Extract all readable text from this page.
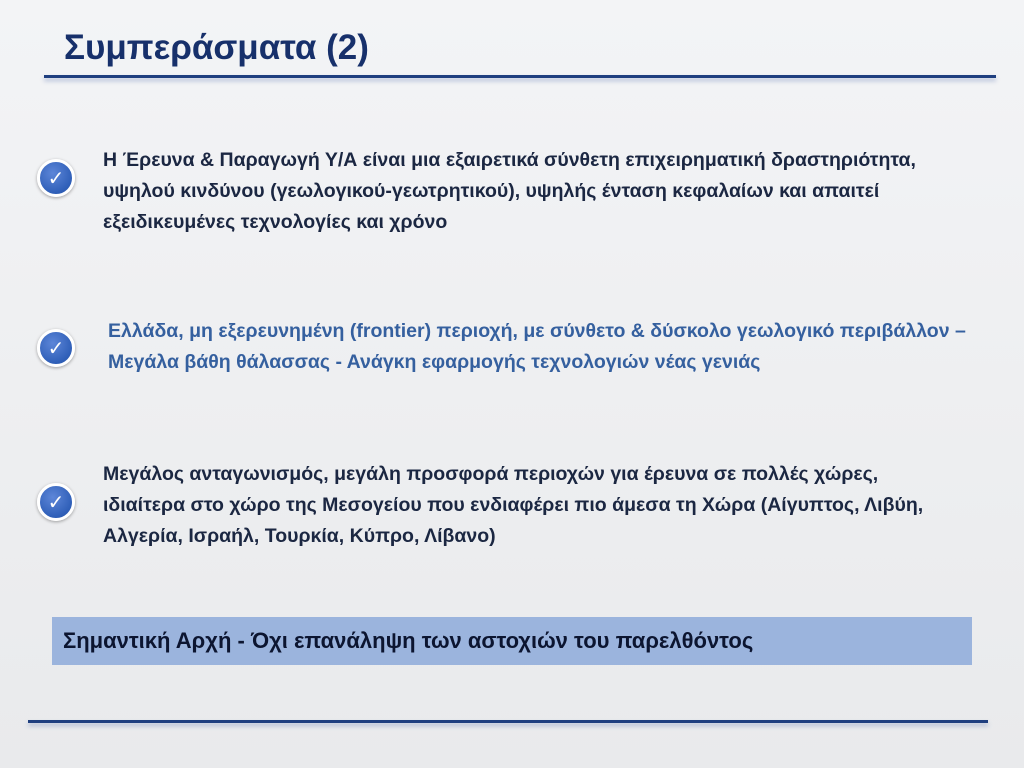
Συμπεράσματα (2)
✓

Η Έρευνα & Παραγωγή Υ/Α είναι μια εξαιρετικά σύνθετη επιχειρηματική δραστηριότητα, υψηλού κινδύνου (γεωλογικού-γεωτρητικού), υψηλής ένταση κεφαλαίων και απαιτεί εξειδικευμένες τεχνολογίες και χρόνο

✓

Ελλάδα, μη εξερευνημένη (frontier) περιοχή, με σύνθετο & δύσκολο γεωλογικό περιβάλλον – Μεγάλα βάθη θάλασσας - Ανάγκη εφαρμογής τεχνολογιών νέας γενιάς

✓

Μεγάλος ανταγωνισμός, μεγάλη προσφορά περιοχών για έρευνα σε πολλές χώρες, ιδιαίτερα στο χώρο της Μεσογείου που ενδιαφέρει πιο άμεσα τη Χώρα (Αίγυπτος, Λιβύη, Αλγερία, Ισραήλ, Τουρκία, Κύπρο, Λίβανο)

Σημαντική Αρχή - Όχι επανάληψη των αστοχιών του παρελθόντος
